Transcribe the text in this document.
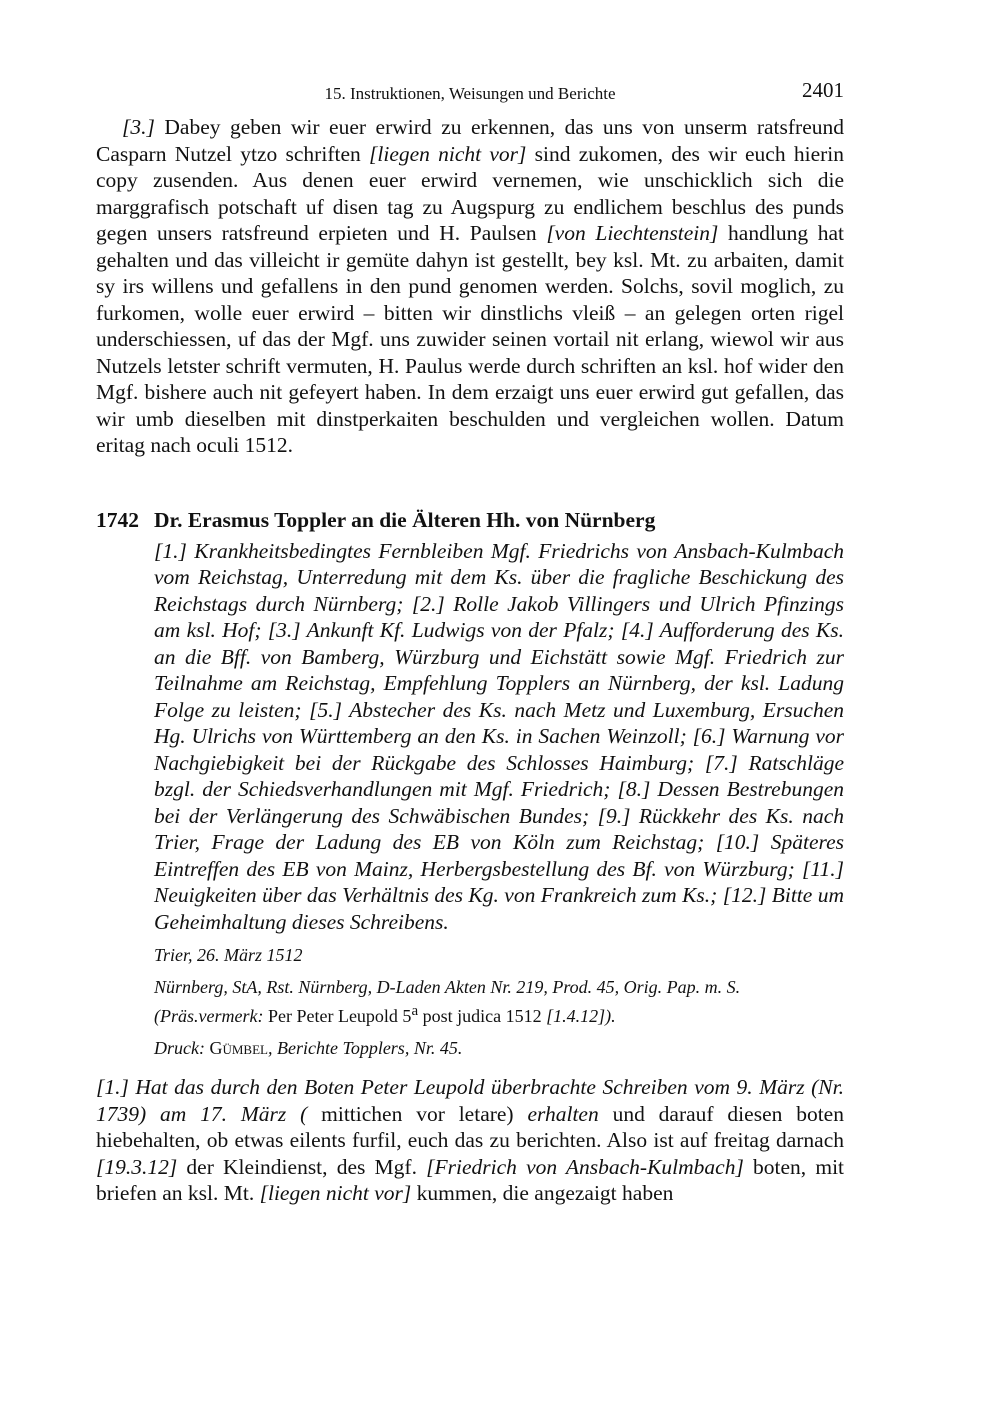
15. Instruktionen, Weisungen und Berichte	2401

[3.] Dabey geben wir euer erwird zu erkennen, das uns von unserm ratsfreund Casparn Nutzel ytzo schriften [liegen nicht vor] sind zukomen, des wir euch hierin copy zusenden. Aus denen euer erwird vernemen, wie unschicklich sich die marggrafisch potschaft uf disen tag zu Augspurg zu endlichem beschlus des punds gegen unsers ratsfreund erpieten und H. Paulsen [von Liechtenstein] handlung hat gehalten und das villeicht ir gemüte dahyn ist gestellt, bey ksl. Mt. zu arbaiten, damit sy irs willens und gefallens in den pund genomen werden. Solchs, sovil moglich, zu furkomen, wolle euer erwird – bitten wir dinstlichs vleiß – an gelegen orten rigel underschiessen, uf das der Mgf. uns zuwider seinen vortail nit erlang, wiewol wir aus Nutzels letster schrift vermuten, H. Paulus werde durch schriften an ksl. hof wider den Mgf. bishere auch nit gefeyert haben. In dem erzaigt uns euer erwird gut gefallen, das wir umb dieselben mit dinstperkaiten beschulden und vergleichen wollen. Datum eritag nach oculi 1512.

1742 Dr. Erasmus Toppler an die Älteren Hh. von Nürnberg

[1.] Krankheitsbedingtes Fernbleiben Mgf. Friedrichs von Ansbach-Kulmbach vom Reichstag, Unterredung mit dem Ks. über die fragliche Beschickung des Reichstags durch Nürnberg; [2.] Rolle Jakob Villingers und Ulrich Pfinzings am ksl. Hof; [3.] Ankunft Kf. Ludwigs von der Pfalz; [4.] Aufforderung des Ks. an die Bff. von Bamberg, Würzburg und Eichstätt sowie Mgf. Friedrich zur Teilnahme am Reichstag, Empfehlung Topplers an Nürnberg, der ksl. Ladung Folge zu leisten; [5.] Abstecher des Ks. nach Metz und Luxemburg, Ersuchen Hg. Ulrichs von Württemberg an den Ks. in Sachen Weinzoll; [6.] Warnung vor Nachgiebigkeit bei der Rückgabe des Schlosses Haimburg; [7.] Ratschläge bzgl. der Schiedsverhandlungen mit Mgf. Friedrich; [8.] Dessen Bestrebungen bei der Verlängerung des Schwäbischen Bundes; [9.] Rückkehr des Ks. nach Trier, Frage der Ladung des EB von Köln zum Reichstag; [10.] Späteres Eintreffen des EB von Mainz, Herbergsbestellung des Bf. von Würzburg; [11.] Neuigkeiten über das Verhältnis des Kg. von Frankreich zum Ks.; [12.] Bitte um Geheimhaltung dieses Schreibens.

Trier, 26. März 1512

Nürnberg, StA, Rst. Nürnberg, D-Laden Akten Nr. 219, Prod. 45, Orig. Pap. m. S. (Präs.vermerk: Per Peter Leupold 5$^a$ post judica 1512 [1.4.12]).

Druck: Gümbel, Berichte Topplers, Nr. 45.

[1.] Hat das durch den Boten Peter Leupold überbrachte Schreiben vom 9. März (Nr. 1739) am 17. März ( mittichen vor letare) erhalten und darauf diesen boten hiebehalten, ob etwas eilents furfil, euch das zu berichten. Also ist auf freitag darnach [19.3.12] der Kleindienst, des Mgf. [Friedrich von Ansbach-Kulmbach] boten, mit briefen an ksl. Mt. [liegen nicht vor] kummen, die angezaigt haben
